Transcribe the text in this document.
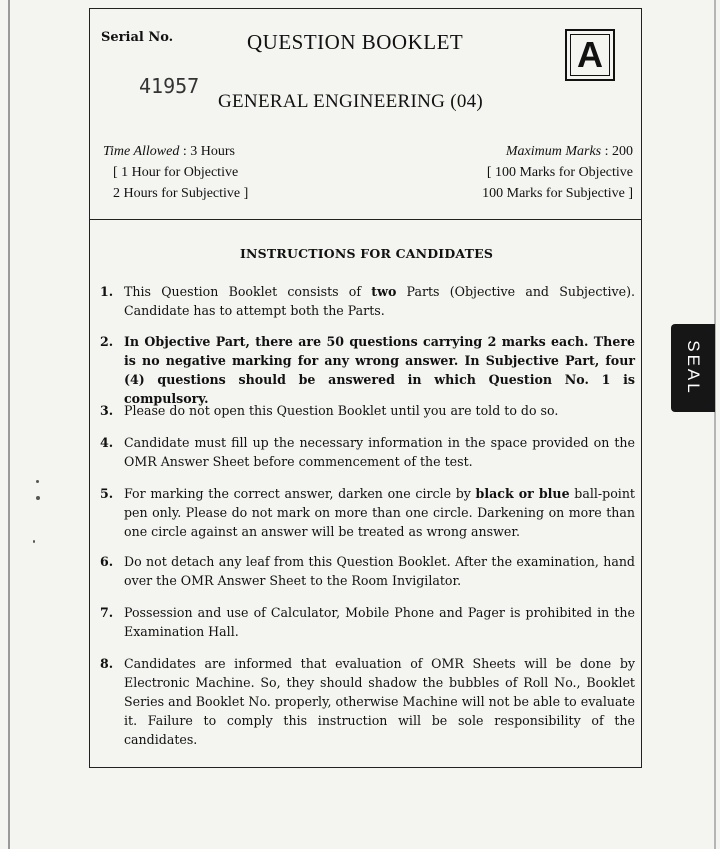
Serial No.	QUESTION BOOKLET	A
41957
GENERAL ENGINEERING (04)
Time Allowed : 3 Hours
[ 1 Hour for Objective
2 Hours for Subjective ]
Maximum Marks : 200
[ 100 Marks for Objective
100 Marks for Subjective ]
INSTRUCTIONS FOR CANDIDATES
1. This Question Booklet consists of two Parts (Objective and Subjective). Candidate has to attempt both the Parts.
2. In Objective Part, there are 50 questions carrying 2 marks each. There is no negative marking for any wrong answer. In Subjective Part, four (4) questions should be answered in which Question No. 1 is compulsory.
3. Please do not open this Question Booklet until you are told to do so.
4. Candidate must fill up the necessary information in the space provided on the OMR Answer Sheet before commencement of the test.
5. For marking the correct answer, darken one circle by black or blue ball-point pen only. Please do not mark on more than one circle. Darkening on more than one circle against an answer will be treated as wrong answer.
6. Do not detach any leaf from this Question Booklet. After the examination, hand over the OMR Answer Sheet to the Room Invigilator.
7. Possession and use of Calculator, Mobile Phone and Pager is prohibited in the Examination Hall.
8. Candidates are informed that evaluation of OMR Sheets will be done by Electronic Machine. So, they should shadow the bubbles of Roll No., Booklet Series and Booklet No. properly, otherwise Machine will not be able to evaluate it. Failure to comply this instruction will be sole responsibility of the candidates.
SEAL
